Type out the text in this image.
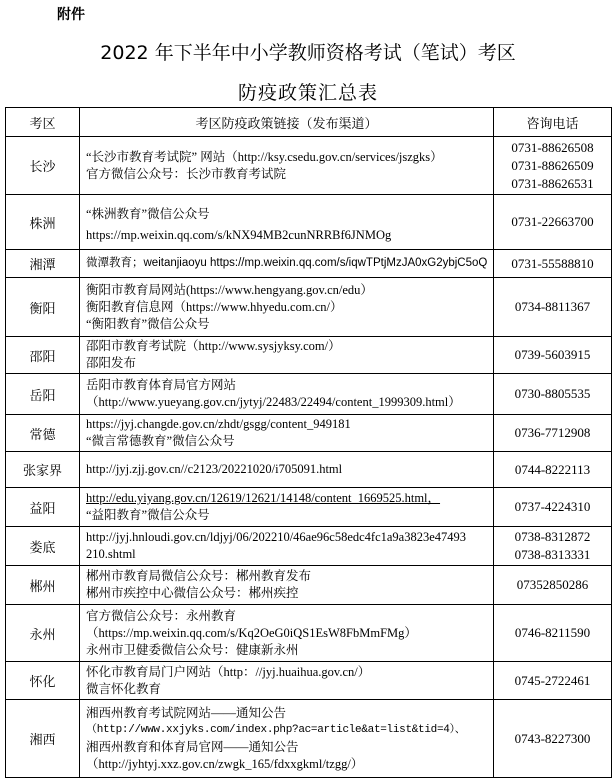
附件
2022 年下半年中小学教师资格考试（笔试）考区
防疫政策汇总表
考区	考区防疫政策链接（发布渠道）	咨询电话
长沙	“长沙市教育考试院” 网站（http://ksy.csedu.gov.cn/services/jszgks）
官方微信公众号：长沙市教育考试院	0731-88626508
0731-88626509
0731-88626531

株洲	“株洲教育”微信公众号
https://mp.weixin.qq.com/s/kNX94MB2cunNRRBf6JNMOg	0731-22663700

湘潭	微潭教育；weitanjiaoyu https://mp.weixin.qq.com/s/iqwTPtjMzJA0xG2ybjC5oQ	0731-55588810

衡阳	衡阳市教育局网站(https://www.hengyang.gov.cn/edu）
衡阳教育信息网（https://www.hhyedu.com.cn/）
“衡阳教育”微信公众号	0734-8811367

邵阳	邵阳市教育考试院（http://www.sysjyksy.com/）
邵阳发布	0739-5603915

岳阳	岳阳市教育体育局官方网站
（http://www.yueyang.gov.cn/jytyj/22483/22494/content_1999309.html）	0730-8805535

常德	https://jyj.changde.gov.cn/zhdt/gsgg/content_949181
“微言常德教育”微信公众号	0736-7712908

张家界	http://jyj.zjj.gov.cn//c2123/20221020/i705091.html	0744-8222113

益阳	http://edu.yiyang.gov.cn/12619/12621/14148/content_1669525.html，
“益阳教育”微信公众号	0737-4224310

娄底	http://jyj.hnloudi.gov.cn/ldjyj/06/202210/46ae96c58edc4fc1a9a3823e47493
210.shtml	0738-8312872
0738-8313331

郴州	郴州市教育局微信公众号：郴州教育发布
郴州市疾控中心微信公众号：郴州疾控	07352850286

永州	官方微信公众号：永州教育
（https://mp.weixin.qq.com/s/Kq2OeG0iQS1EsW8FbMmFMg）
永州市卫健委微信公众号：健康新永州	0746-8211590

怀化	怀化市教育局门户网站（http：//jyj.huaihua.gov.cn/）
微言怀化教育	0745-2722461

湘西	湘西州教育考试院网站——通知公告
（http://www.xxjyks.com/index.php?ac=article&at=list&tid=4）、
湘西州教育和体育局官网——通知公告
（http://jyhtyj.xxz.gov.cn/zwgk_165/fdxxgkml/tzgg/）	0743-8227300
